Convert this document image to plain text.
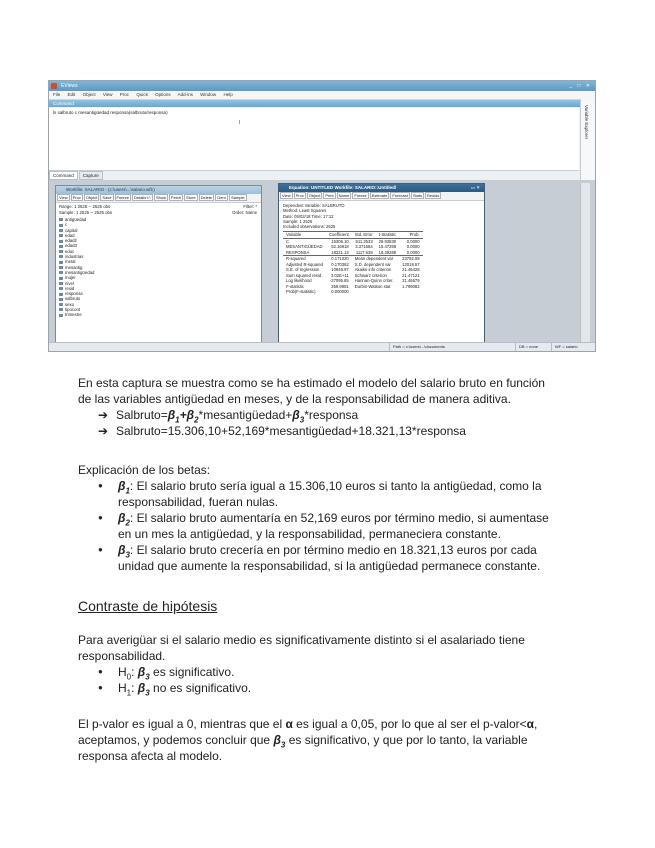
EViews	_ □ ✕
File Edit Object View Proc Quick Options Add-ins Window Help
Command
ls salbruto c mesantigüedad responsa(salbruto/responsa)
I	Variable Explorer
Command Capture
Workfile: SALARIO - (c:\users\...\salario.wf1)
View Proc Object Save Freeze Details+/- Show Fetch Store Delete Genr Sample
Range: 1 2525 -- 2525 obs	Filter: *
Sample: 1 2525 -- 2525 obs	Order: Name
antigüedad
c
capital
edad
edad2
edad3
educ
industrias
metal
mesantig
mesantigüedad
mujer
nivel
resid
responsa
salbruto
sexo
tipocont
trimestre
Equation: UNTITLED Workfile: SALARIO::Untitled\	▭ ✕
View Proc Object Print Name Freeze Estimate Forecast Stats Resids
Dependent Variable: SALBRUTO
Method: Least Squares
Date: 05/02/18 Time: 17:12
Sample: 1 2525
Included observations: 2525
Variable	Coefficient	Std. Error	t-Statistic	Prob.
C	15306.10	511.2533	29.93830	0.0000
MESANTIGÜEDAD	52.16918	3.371684	15.47269	0.0000
RESPONSA	18321.13	1117.639	16.39268	0.0000
R-squared	0.171020	Mean dependent var		23792.08
Adjusted R-squared	0.170362	S.D. dependent var		12018.57
S.E. of regression	10946.97	Akaike info criterion		21.46428
Sum squared resid	3.02E+11	Schwarz criterion		21.47121
Log likelihood	-27095.65	Hannan-Quinn criter.		21.46679
F-statistic	259.9981	Durbin-Watson stat		1.799082
Prob(F-statistic)	0.000000			
Path = c:\users\...\documents	DB = none	WF = salario
En esta captura se muestra como se ha estimado el modelo del salario bruto en función
de las variables antigüedad en meses, y de la responsabilidad de manera aditiva.
➔ $Salbruto=\beta_1+\beta_2*mesantigüedad+\beta_3*responsa$
➔ Salbruto=15.306,10+52,169*mesantigüedad+18.321,13*responsa
Explicación de los betas:
● $\beta_1$: El salario bruto sería igual a 15.306,10 euros si tanto la antigüedad, como la
responsabilidad, fueran nulas.
● $\beta_2$: El salario bruto aumentaría en 52,169 euros por término medio, si aumentase
en un mes la antigüedad, y la responsabilidad, permaneciera constante.
● $\beta_3$: El salario bruto crecería en por término medio en 18.321,13 euros por cada
unidad que aumente la responsabilidad, si la antigüedad permanece constante.
Contraste de hipótesis
Para averigüar si el salario medio es significativamente distinto si el asalariado tiene
responsabilidad.
● $H_0$: $\beta_3$ es significativo.
● $H_1$: $\beta_3$ no es significativo.
El p-valor es igual a 0, mientras que el α es igual a 0,05, por lo que al ser el p-valor<α,
aceptamos, y podemos concluir que $\beta_3$ es significativo, y que por lo tanto, la variable
responsa afecta al modelo.
